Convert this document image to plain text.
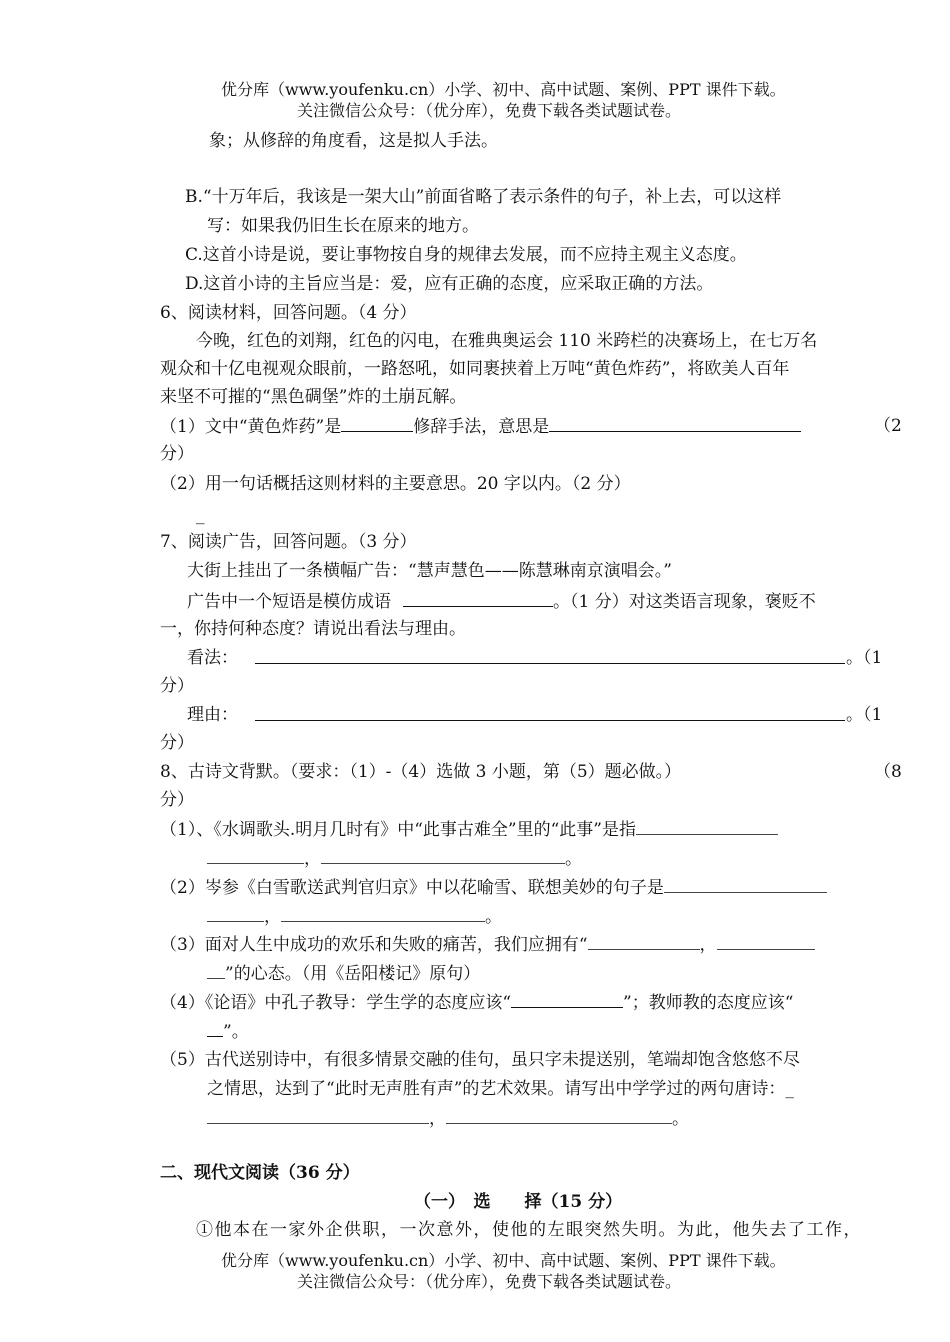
优分库（www.youfenku.cn）小学、初中、高中试题、案例、PPT 课件下载。
关注微信公众号：（优分库），免费下载各类试题试卷。
象；从修辞的角度看，这是拟人手法。
B.“十万年后，我该是一架大山”前面省略了表示条件的句子，补上去，可以这样
写：如果我仍旧生长在原来的地方。
C.这首小诗是说，要让事物按自身的规律去发展，而不应持主观主义态度。
D.这首小诗的主旨应当是：爱，应有正确的态度，应采取正确的方法。
6、阅读材料，回答问题。（4 分）
今晚，红色的刘翔，红色的闪电，在雅典奥运会 110 米跨栏的决赛场上，在七万名
观众和十亿电视观众眼前，一路怒吼，如同裹挟着上万吨“黄色炸药”，将欧美人百年
来坚不可摧的“黑色碉堡”炸的土崩瓦解。
（1）文中“黄色炸药”是	修辞手法，意思是	（2
分）
（2）用一句话概括这则材料的主要意思。20 字以内。（2 分）
_
7、阅读广告，回答问题。（3 分）
大街上挂出了一条横幅广告：“慧声慧色——陈慧琳南京演唱会。”
广告中一个短语是模仿成语	。（1 分）对这类语言现象，褒贬不
一，你持何种态度？请说出看法与理由。
看法：	。（1
分）
理由：	。（1
分）
8、古诗文背默。（要求：（1）-（4）选做 3 小题，第（5）题必做。）	（8
分）
（1）、《水调歌头.明月几时有》中“此事古难全”里的“此事”是指
，	。
（2）岑参《白雪歌送武判官归京》中以花喻雪、联想美妙的句子是
，	。
（3）面对人生中成功的欢乐和失败的痛苦，我们应拥有“	，
”的心态。（用《岳阳楼记》原句）
（4）《论语》中孔子教导：学生学的态度应该“	”；教师教的态度应该“
”。
（5）古代送别诗中，有很多情景交融的佳句，虽只字未提送别，笔端却饱含悠悠不尽
之情思，达到了“此时无声胜有声”的艺术效果。请写出中学学过的两句唐诗：_
，	。
二、现代文阅读（36 分）
（一）　选　　择（15 分）
①他本在一家外企供职，一次意外，使他的左眼突然失明。为此，他失去了工作，
优分库（www.youfenku.cn）小学、初中、高中试题、案例、PPT 课件下载。
关注微信公众号：（优分库），免费下载各类试题试卷。
